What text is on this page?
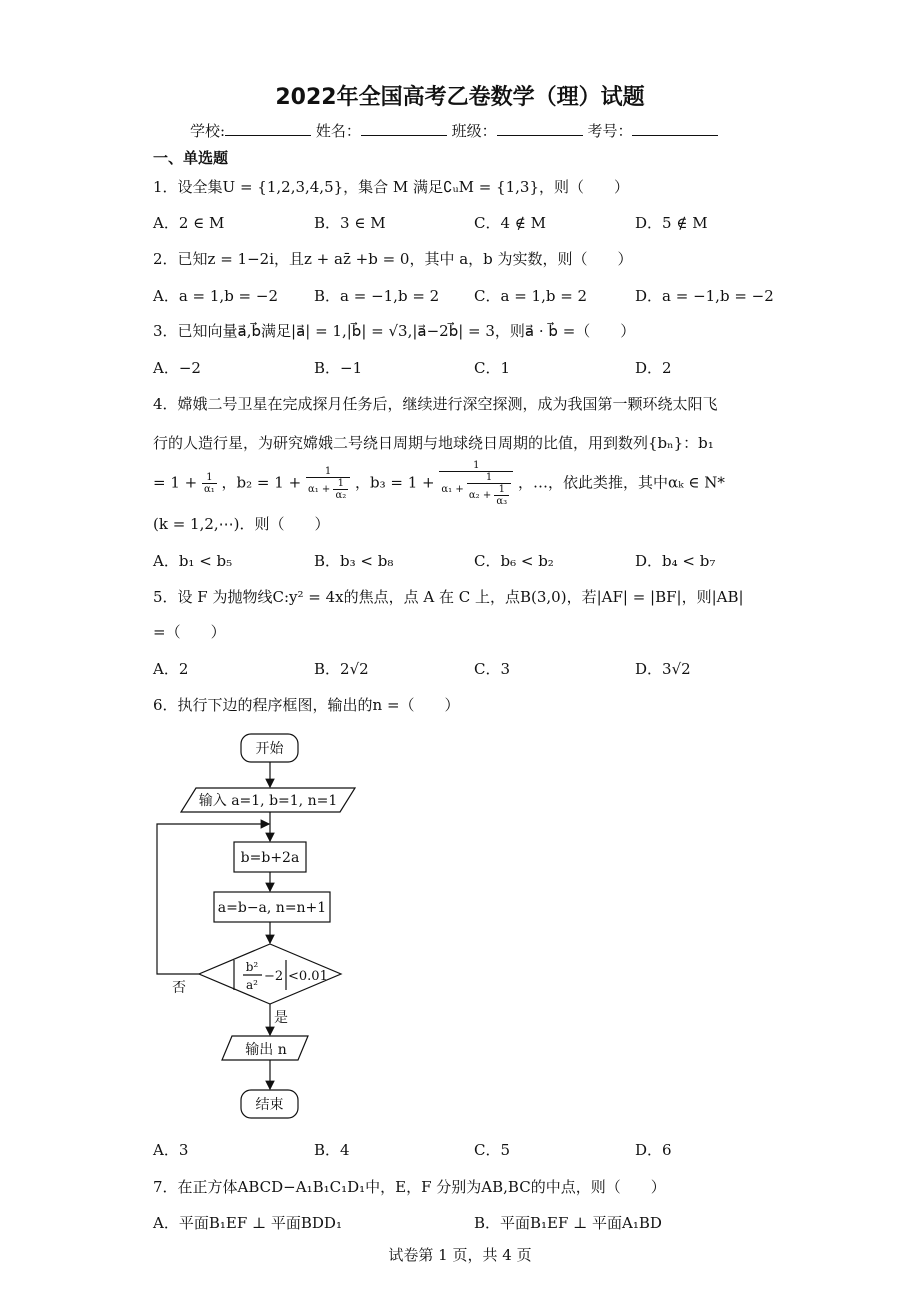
2022年全国高考乙卷数学（理）试题
学校:	姓名：	班级：	考号：
一、单选题
1．设全集U = {1,2,3,4,5}，集合 M 满足∁ᵤM = {1,3}，则（　　）
A．2 ∈ M	B．3 ∈ M	C．4 ∉ M	D．5 ∉ M
2．已知z = 1−2i，且z + az̄ +b = 0，其中 a，b 为实数，则（　　）
A．a = 1,b = −2 B．a = −1,b = 2 C．a = 1,b = 2	D．a = −1,b = −2
3．已知向量a⃗,b⃗满足|a⃗| = 1,|b⃗| = √3,|a⃗−2b⃗| = 3，则a⃗ · b⃗ =（　　）
A．−2	B．−1	C．1	D．2
4．嫦娥二号卫星在完成探月任务后，继续进行深空探测，成为我国第一颗环绕太阳飞
行的人造行星，为研究嫦娥二号绕日周期与地球绕日周期的比值，用到数列{bₙ}：b₁
= $1 + \frac{1}{\text{α₁}}$ ，$b_2 = 1 + \frac{1}{\alpha_1 + \frac{1}{\text{α₂}}}$ ，$b_3 = 1 + \frac{1}{\alpha_1 + \frac{1}{\alpha_2 + \frac{1}{\text{α₃}}}}$ ，…，依此类推，其中αₖ ∈ N*
(k = 1,2,⋯)．则（　　）
A．b₁ < b₅	B．b₃ < b₈	C．b₆ < b₂	D．b₄ < b₇
5．设 F 为抛物线C:y² = 4x的焦点，点 A 在 C 上，点B(3,0)，若|AF| = |BF|，则|AB|
=（　　）
A．2	B．2√2	C．3	D．3√2
6．执行下边的程序框图，输出的n =（　　）
开始
输入 a=1, b=1, n=1
b=b+2a
a=b−a, n=n+1
b²
a²
−2 <0.01
否
是
输出 n
结束
A．3	B．4	C．5	D．6
7．在正方体ABCD−A₁B₁C₁D₁中，E，F 分别为AB,BC的中点，则（　　）
A．平面B₁EF ⊥ 平面BDD₁	B．平面B₁EF ⊥ 平面A₁BD
试卷第 1 页，共 4 页
